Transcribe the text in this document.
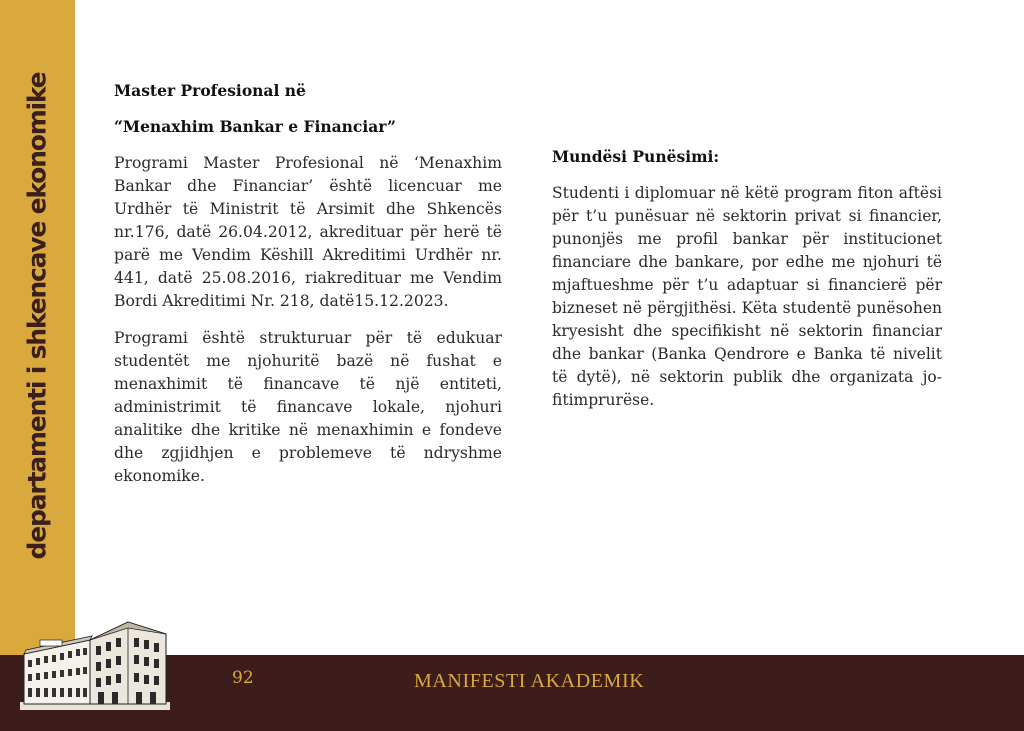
departamenti i shkencave ekonomike	Master Profesional në

“Menaxhim Bankar e Financiar”

Programi Master Profesional në ‘Menaxhim Bankar dhe Financiar’ është licencuar me Urdhër të Ministrit të Arsimit dhe Shkencës nr.176, datë 26.04.2012, akredituar për herë të parë me Vendim Këshill Akreditimi Urdhër nr. 441, datë 25.08.2016, riakredituar me Vendim Bordi Akreditimi Nr. 218, datë15.12.2023.

Programi është strukturuar për të edukuar studentët me njohuritë bazë në fushat e menaxhimit të financave të një entiteti, administrimit të financave lokale, njohuri analitike dhe kritike në menaxhimin e fondeve dhe zgjidhjen e problemeve të ndryshme ekonomike.

Mundësi Punësimi:

Studenti i diplomuar në këtë program fiton aftësi për t’u punësuar në sektorin privat si financier, punonjës me profil bankar për institucionet financiare dhe bankare, por edhe me njohuri të mjaftueshme për t’u adaptuar si financierë për bizneset në përgjithësi. Këta studentë punësohen kryesisht dhe specifikisht në sektorin financiar dhe bankar (Banka Qendrore e Banka të nivelit të dytë), në sektorin publik dhe organizata jo-fitimprurëse.

92	MANIFESTI AKADEMIK
